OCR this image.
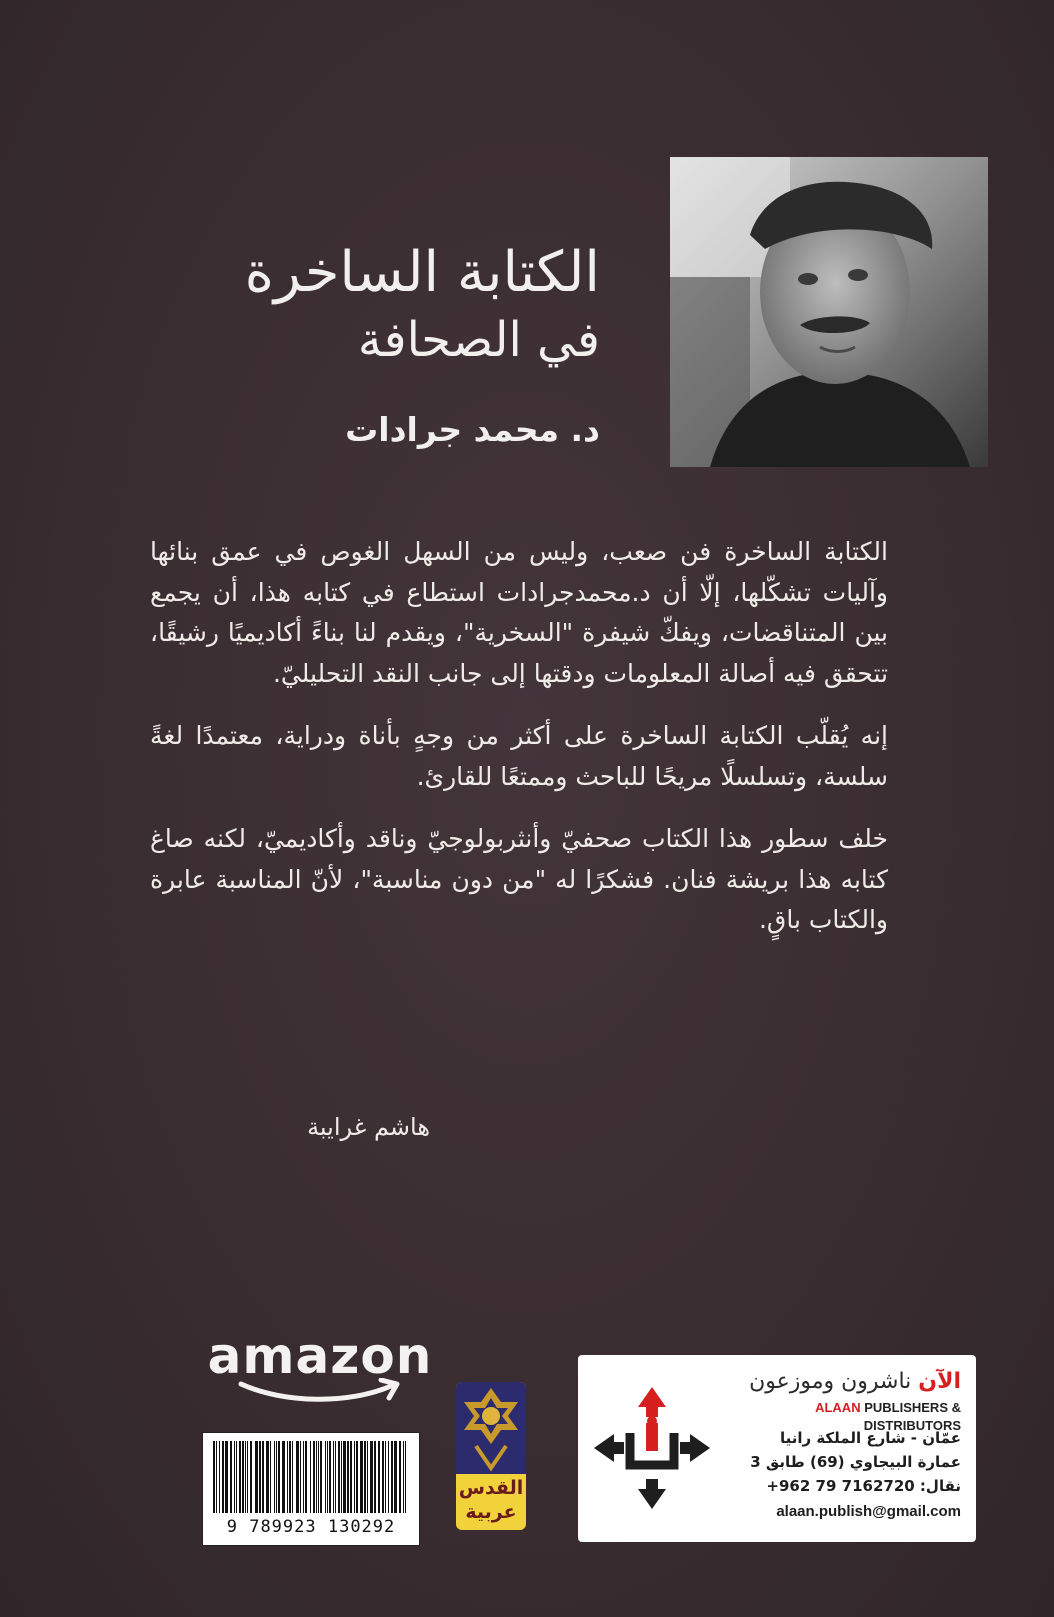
الكتابة الساخرة
في الصحافة
د. محمد جرادات

الكتابة الساخرة فن صعب، وليس من السهل الغوص في عمق بنائها وآليات تشكّلها، إلّا أن د.محمدجرادات استطاع في كتابه هذا، أن يجمع بين المتناقضات، ويفكّ شيفرة "السخرية"، ويقدم لنا بناءً أكاديميًا رشيقًا، تتحقق فيه أصالة المعلومات ودقتها إلى جانب النقد التحليليّ.

إنه يُقلّب الكتابة الساخرة على أكثر من وجهٍ بأناة ودراية، معتمدًا لغةً سلسة، وتسلسلًا مريحًا للباحث وممتعًا للقارئ.

خلف سطور هذا الكتاب صحفيّ وأنثربولوجيّ وناقد وأكاديميّ، لكنه صاغ كتابه هذا بريشة فنان. فشكرًا له "من دون مناسبة"، لأنّ المناسبة عابرة والكتاب باقٍ.

هاشم غرايبة
amazon
9 789923 130292
القدس
عربية
الآن ناشرون وموزعون
ALAAN PUBLISHERS & DISTRIBUTORS
عمّان - شارع الملكة رانيا
عمارة البيجاوي (69) طابق 3
نقال: 7162720 79 962+
alaan.publish@gmail.com
